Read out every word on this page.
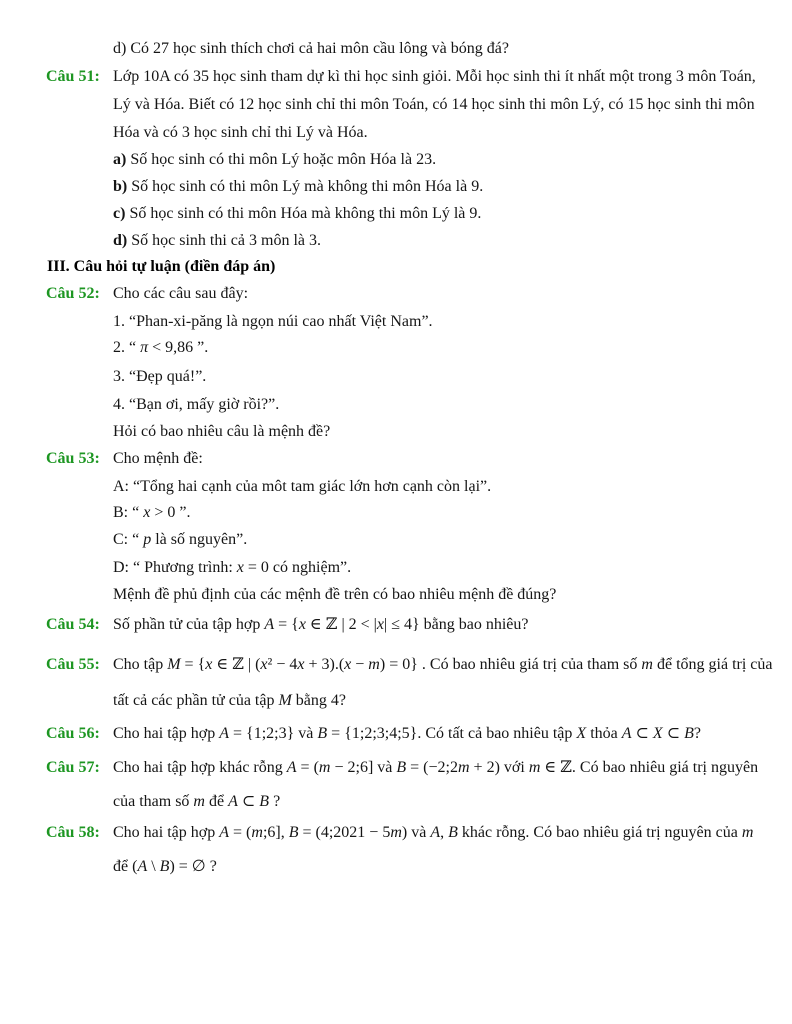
d) Có 27 học sinh thích chơi cả hai môn cầu lông và bóng đá?
Câu 51: Lớp 10A có 35 học sinh tham dự kì thi học sinh giỏi. Mỗi học sinh thi ít nhất một trong 3 môn Toán,
Lý và Hóa. Biết có 12 học sinh chỉ thi môn Toán, có 14 học sinh thi môn Lý, có 15 học sinh thi môn
Hóa và có 3 học sinh chỉ thi Lý và Hóa.
a) Số học sinh có thi môn Lý hoặc môn Hóa là 23.
b) Số học sinh có thi môn Lý mà không thi môn Hóa là 9.
c) Số học sinh có thi môn Hóa mà không thi môn Lý là 9.
d) Số học sinh thi cả 3 môn là 3.
III. Câu hỏi tự luận (điền đáp án)
Câu 52: Cho các câu sau đây:
1. “Phan-xi-păng là ngọn núi cao nhất Việt Nam”.
2. “ π < 9,86 ”.
3. “Đẹp quá!”.
4. “Bạn ơi, mấy giờ rồi?”.
Hỏi có bao nhiêu câu là mệnh đề?
Câu 53: Cho mệnh đề:
A: “Tổng hai cạnh của môt tam giác lớn hơn cạnh còn lại”.
B: “ x > 0 ”.
C: “ p là số nguyên”.
D: “ Phương trình: x = 0 có nghiệm”.
Mệnh đề phủ định của các mệnh đề trên có bao nhiêu mệnh đề đúng?
Câu 54: Số phần tử của tập hợp A = {x ∈ ℤ | 2 < |x| ≤ 4} bằng bao nhiêu?
Câu 55: Cho tập M = {x ∈ ℤ | (x² − 4x + 3).(x − m) = 0} . Có bao nhiêu giá trị của tham số m để tổng giá trị của
tất cả các phần tử của tập M bằng 4?
Câu 56: Cho hai tập hợp A = {1;2;3} và B = {1;2;3;4;5}. Có tất cả bao nhiêu tập X thỏa A ⊂ X ⊂ B?
Câu 57: Cho hai tập hợp khác rỗng A = (m − 2;6] và B = (−2;2m + 2) với m ∈ ℤ. Có bao nhiêu giá trị nguyên
của tham số m để A ⊂ B ?
Câu 58: Cho hai tập hợp A = (m;6], B = (4;2021 − 5m) và A, B khác rỗng. Có bao nhiêu giá trị nguyên của m
để (A \ B) = ∅ ?
